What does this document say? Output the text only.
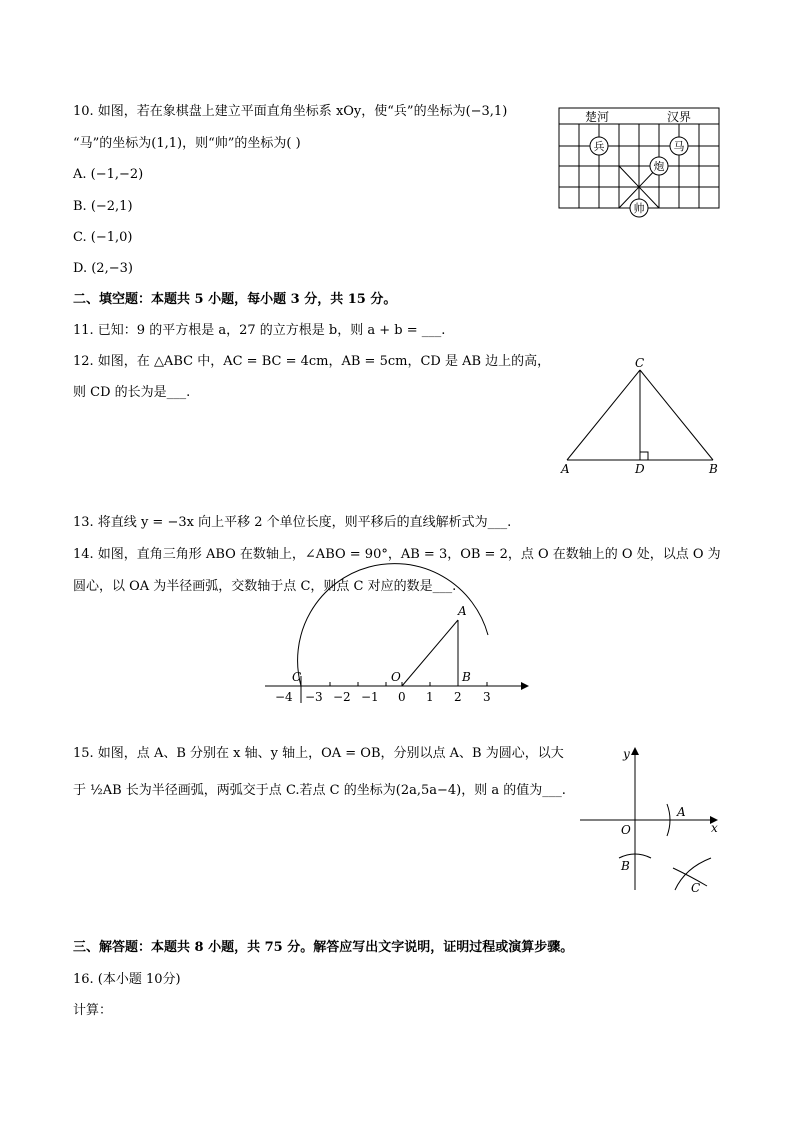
10. 如图，若在象棋盘上建立平面直角坐标系 xOy，使“兵”的坐标为(−3,1)
“马”的坐标为(1,1)，则“帅”的坐标为( )
A. (−1,−2)
B. (−2,1)
C. (−1,0)
D. (2,−3)
楚河	汉界
兵	马
炮
帅
二、填空题：本题共 5 小题，每小题 3 分，共 15 分。
11. 已知：9 的平方根是 a，27 的立方根是 b，则 a + b = ___.
12. 如图，在 △ABC 中，AC = BC = 4cm，AB = 5cm，CD 是 AB 边上的高，
则 CD 的长为是___.
C
A	D	B
13. 将直线 y = −3x 向上平移 2 个单位长度，则平移后的直线解析式为___.
14. 如图，直角三角形 ABO 在数轴上，∠ABO = 90°，AB = 3，OB = 2，点 O 在数轴上的 O 处，以点 O 为
圆心，以 OA 为半径画弧，交数轴于点 C，则点 C 对应的数是___.
−4 −3 −2 −1 0 1 2 3
C	O
A
B
15. 如图，点 A、B 分别在 x 轴、y 轴上，OA = OB，分别以点 A、B 为圆心，以大
于 ½AB 长为半径画弧，两弧交于点 C.若点 C 的坐标为(2a,5a−4)，则 a 的值为___.
y
x
O
A
B
C
三、解答题：本题共 8 小题，共 75 分。解答应写出文字说明，证明过程或演算步骤。
16. (本小题 10分)
计算：
